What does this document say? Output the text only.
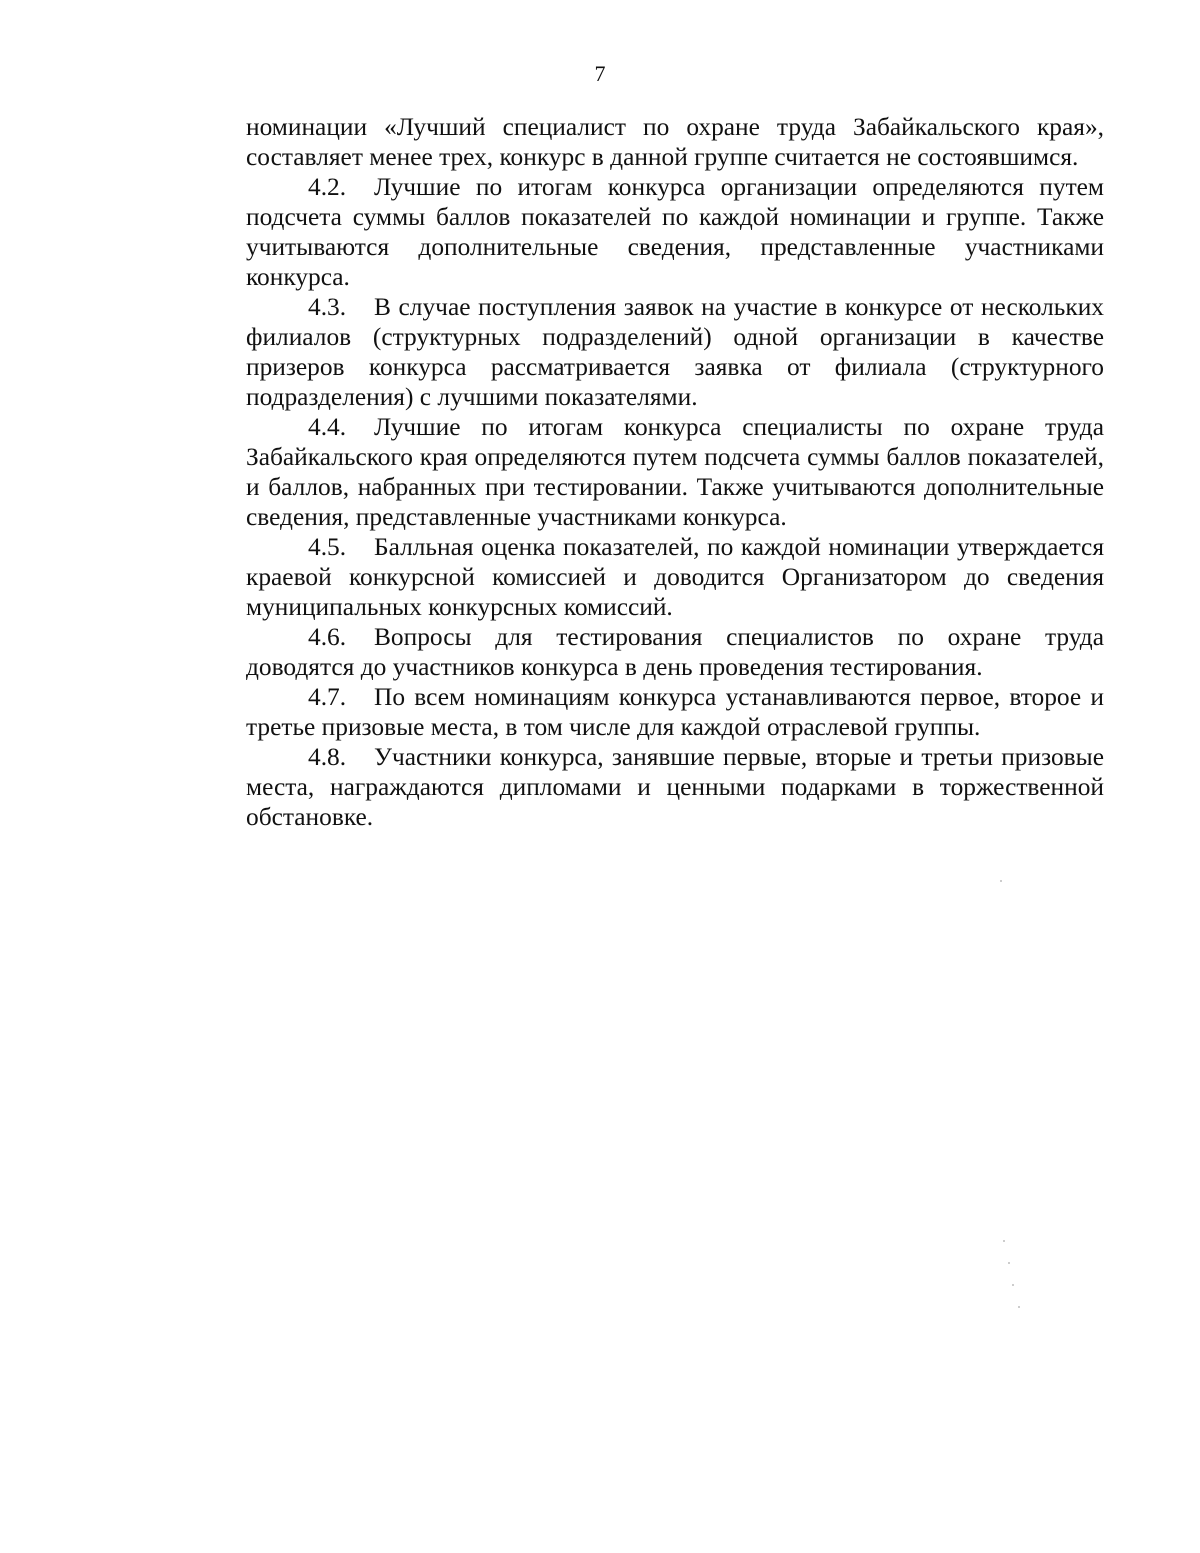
7

номинации «Лучший специалист по охране труда Забайкальского края», составляет менее трех, конкурс в данной группе считается не состоявшимся.

4.2. Лучшие по итогам конкурса организации определяются путем подсчета суммы баллов показателей по каждой номинации и группе. Также учитываются дополнительные сведения, представленные участниками конкурса.

4.3. В случае поступления заявок на участие в конкурсе от нескольких филиалов (структурных подразделений) одной организации в качестве призеров конкурса рассматривается заявка от филиала (структурного подразделения) с лучшими показателями.

4.4. Лучшие по итогам конкурса специалисты по охране труда Забайкальского края определяются путем подсчета суммы баллов показателей, и баллов, набранных при тестировании. Также учитываются дополнительные сведения, представленные участниками конкурса.

4.5. Балльная оценка показателей, по каждой номинации утверждается краевой конкурсной комиссией и доводится Организатором до сведения муниципальных конкурсных комиссий.

4.6. Вопросы для тестирования специалистов по охране труда доводятся до участников конкурса в день проведения тестирования.

4.7. По всем номинациям конкурса устанавливаются первое, второе и третье призовые места, в том числе для каждой отраслевой группы.

4.8. Участники конкурса, занявшие первые, вторые и третьи призовые места, награждаются дипломами и ценными подарками в торжественной обстановке.
